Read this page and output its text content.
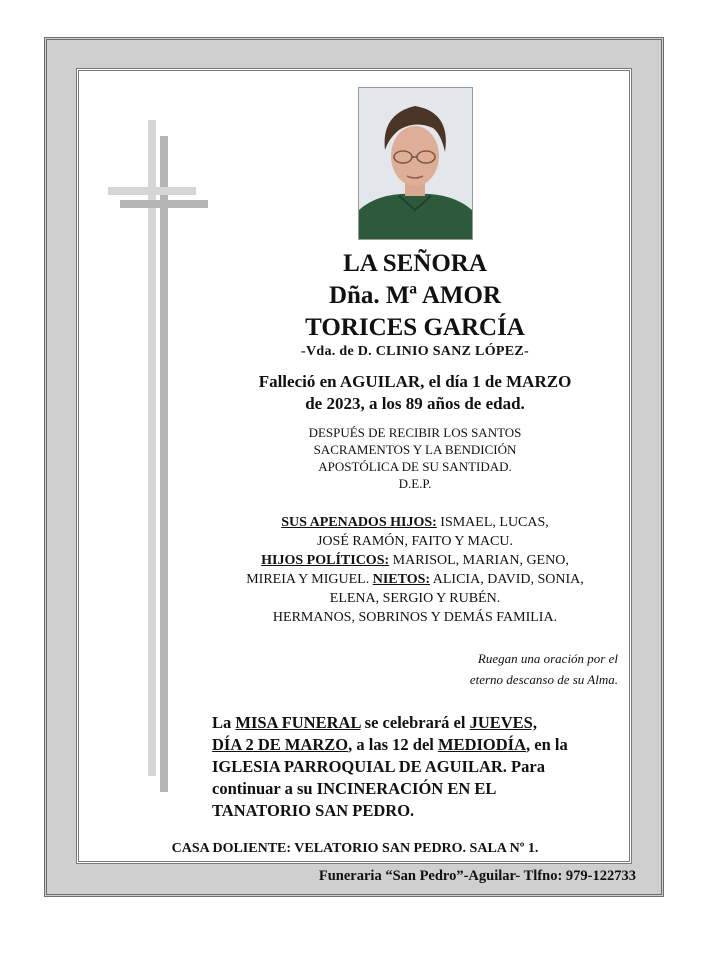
LA SEÑORA
Dña. Mª AMOR
TORICES GARCÍA
-Vda. de D. CLINIO SANZ LÓPEZ-
Falleció en AGUILAR, el día 1 de MARZO
de 2023, a los 89 años de edad.
DESPUÉS DE RECIBIR LOS SANTOS
SACRAMENTOS Y LA BENDICIÓN
APOSTÓLICA DE SU SANTIDAD.
D.E.P.
SUS APENADOS HIJOS: ISMAEL, LUCAS,
JOSÉ RAMÓN, FAITO Y MACU.
HIJOS POLÍTICOS: MARISOL, MARIAN, GENO,
MIREIA Y MIGUEL. NIETOS: ALICIA, DAVID, SONIA,
ELENA, SERGIO Y RUBÉN.
HERMANOS, SOBRINOS Y DEMÁS FAMILIA.
Ruegan una oración por el
eterno descanso de su Alma.
La MISA FUNERAL se celebrará el JUEVES,
DÍA 2 DE MARZO, a las 12 del MEDIODÍA, en la
IGLESIA PARROQUIAL DE AGUILAR. Para
continuar a su INCINERACIÓN EN EL
TANATORIO SAN PEDRO.
CASA DOLIENTE: VELATORIO SAN PEDRO. SALA Nº 1.
Funeraria “San Pedro”-Aguilar- Tlfno: 979-122733
